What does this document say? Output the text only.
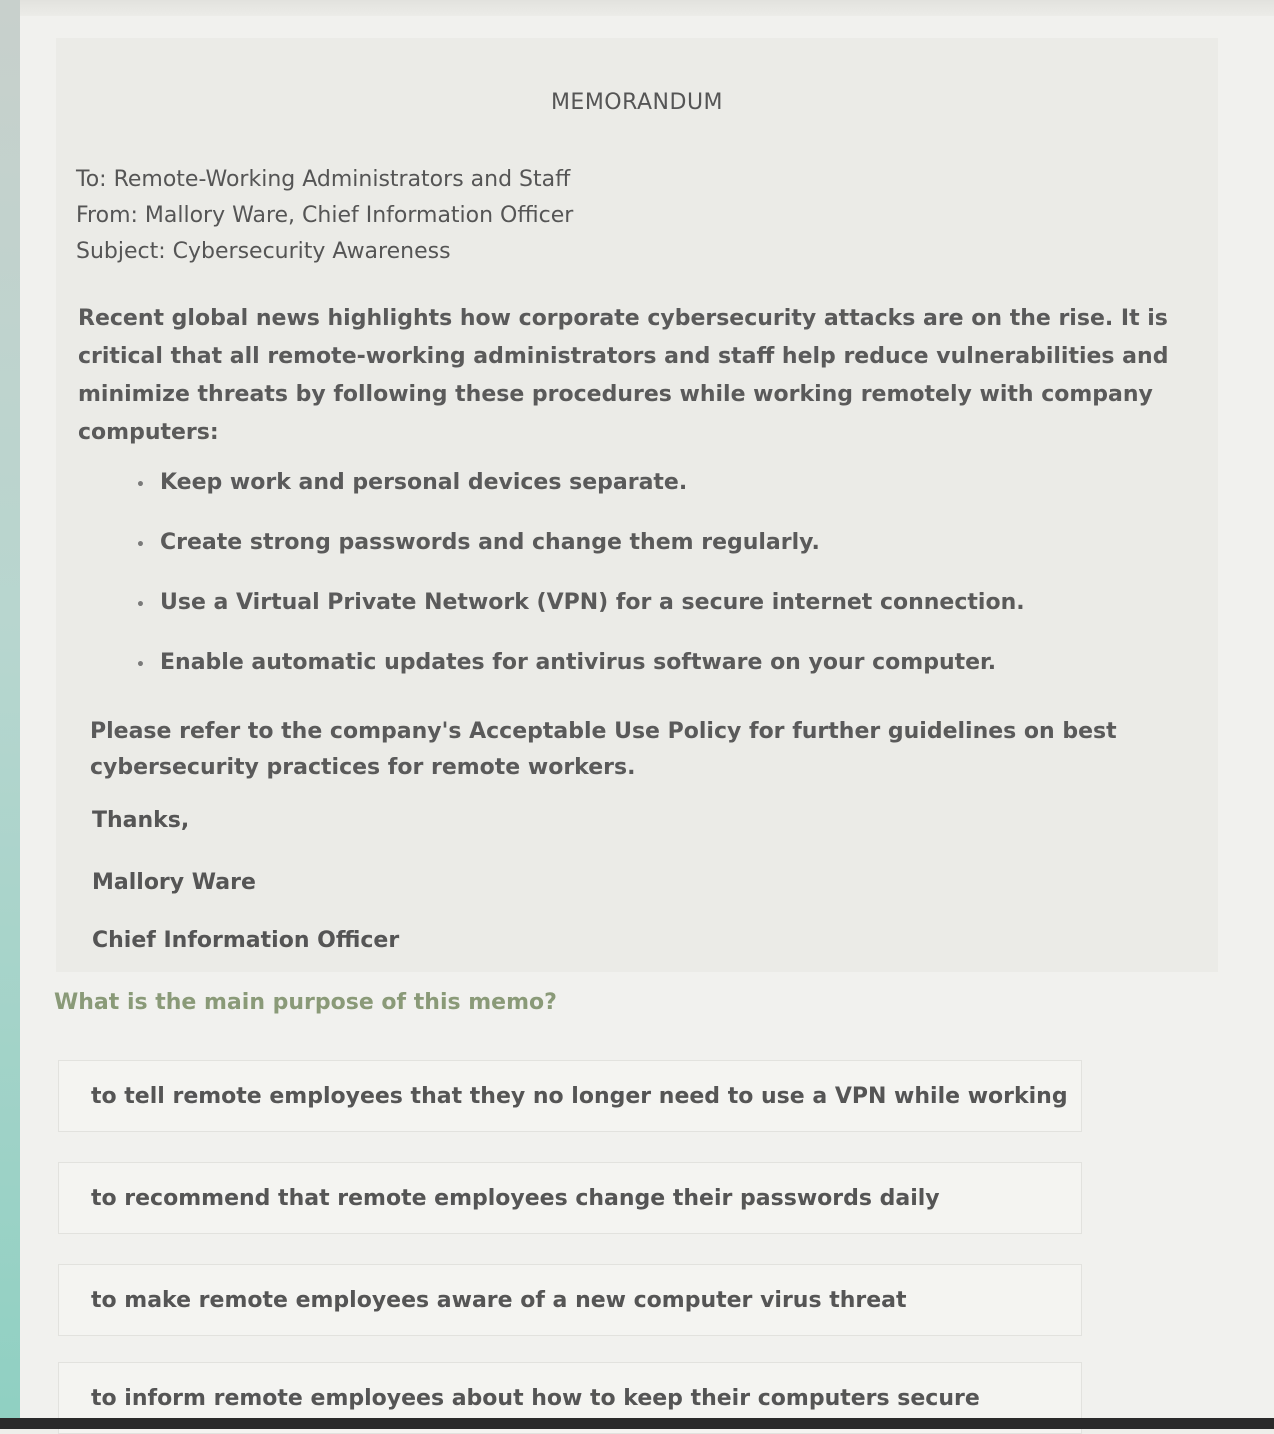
MEMORANDUM
To: Remote-Working Administrators and Staff
From: Mallory Ware, Chief Information Officer
Subject: Cybersecurity Awareness
Recent global news highlights how corporate cybersecurity attacks are on the rise. It is critical that all remote-working administrators and staff help reduce vulnerabilities and minimize threats by following these procedures while working remotely with company computers:
• Keep work and personal devices separate.
• Create strong passwords and change them regularly.
• Use a Virtual Private Network (VPN) for a secure internet connection.
• Enable automatic updates for antivirus software on your computer.
Please refer to the company's Acceptable Use Policy for further guidelines on best cybersecurity practices for remote workers.
Thanks,
Mallory Ware
Chief Information Officer
What is the main purpose of this memo?
to tell remote employees that they no longer need to use a VPN while working
to recommend that remote employees change their passwords daily
to make remote employees aware of a new computer virus threat
to inform remote employees about how to keep their computers secure
